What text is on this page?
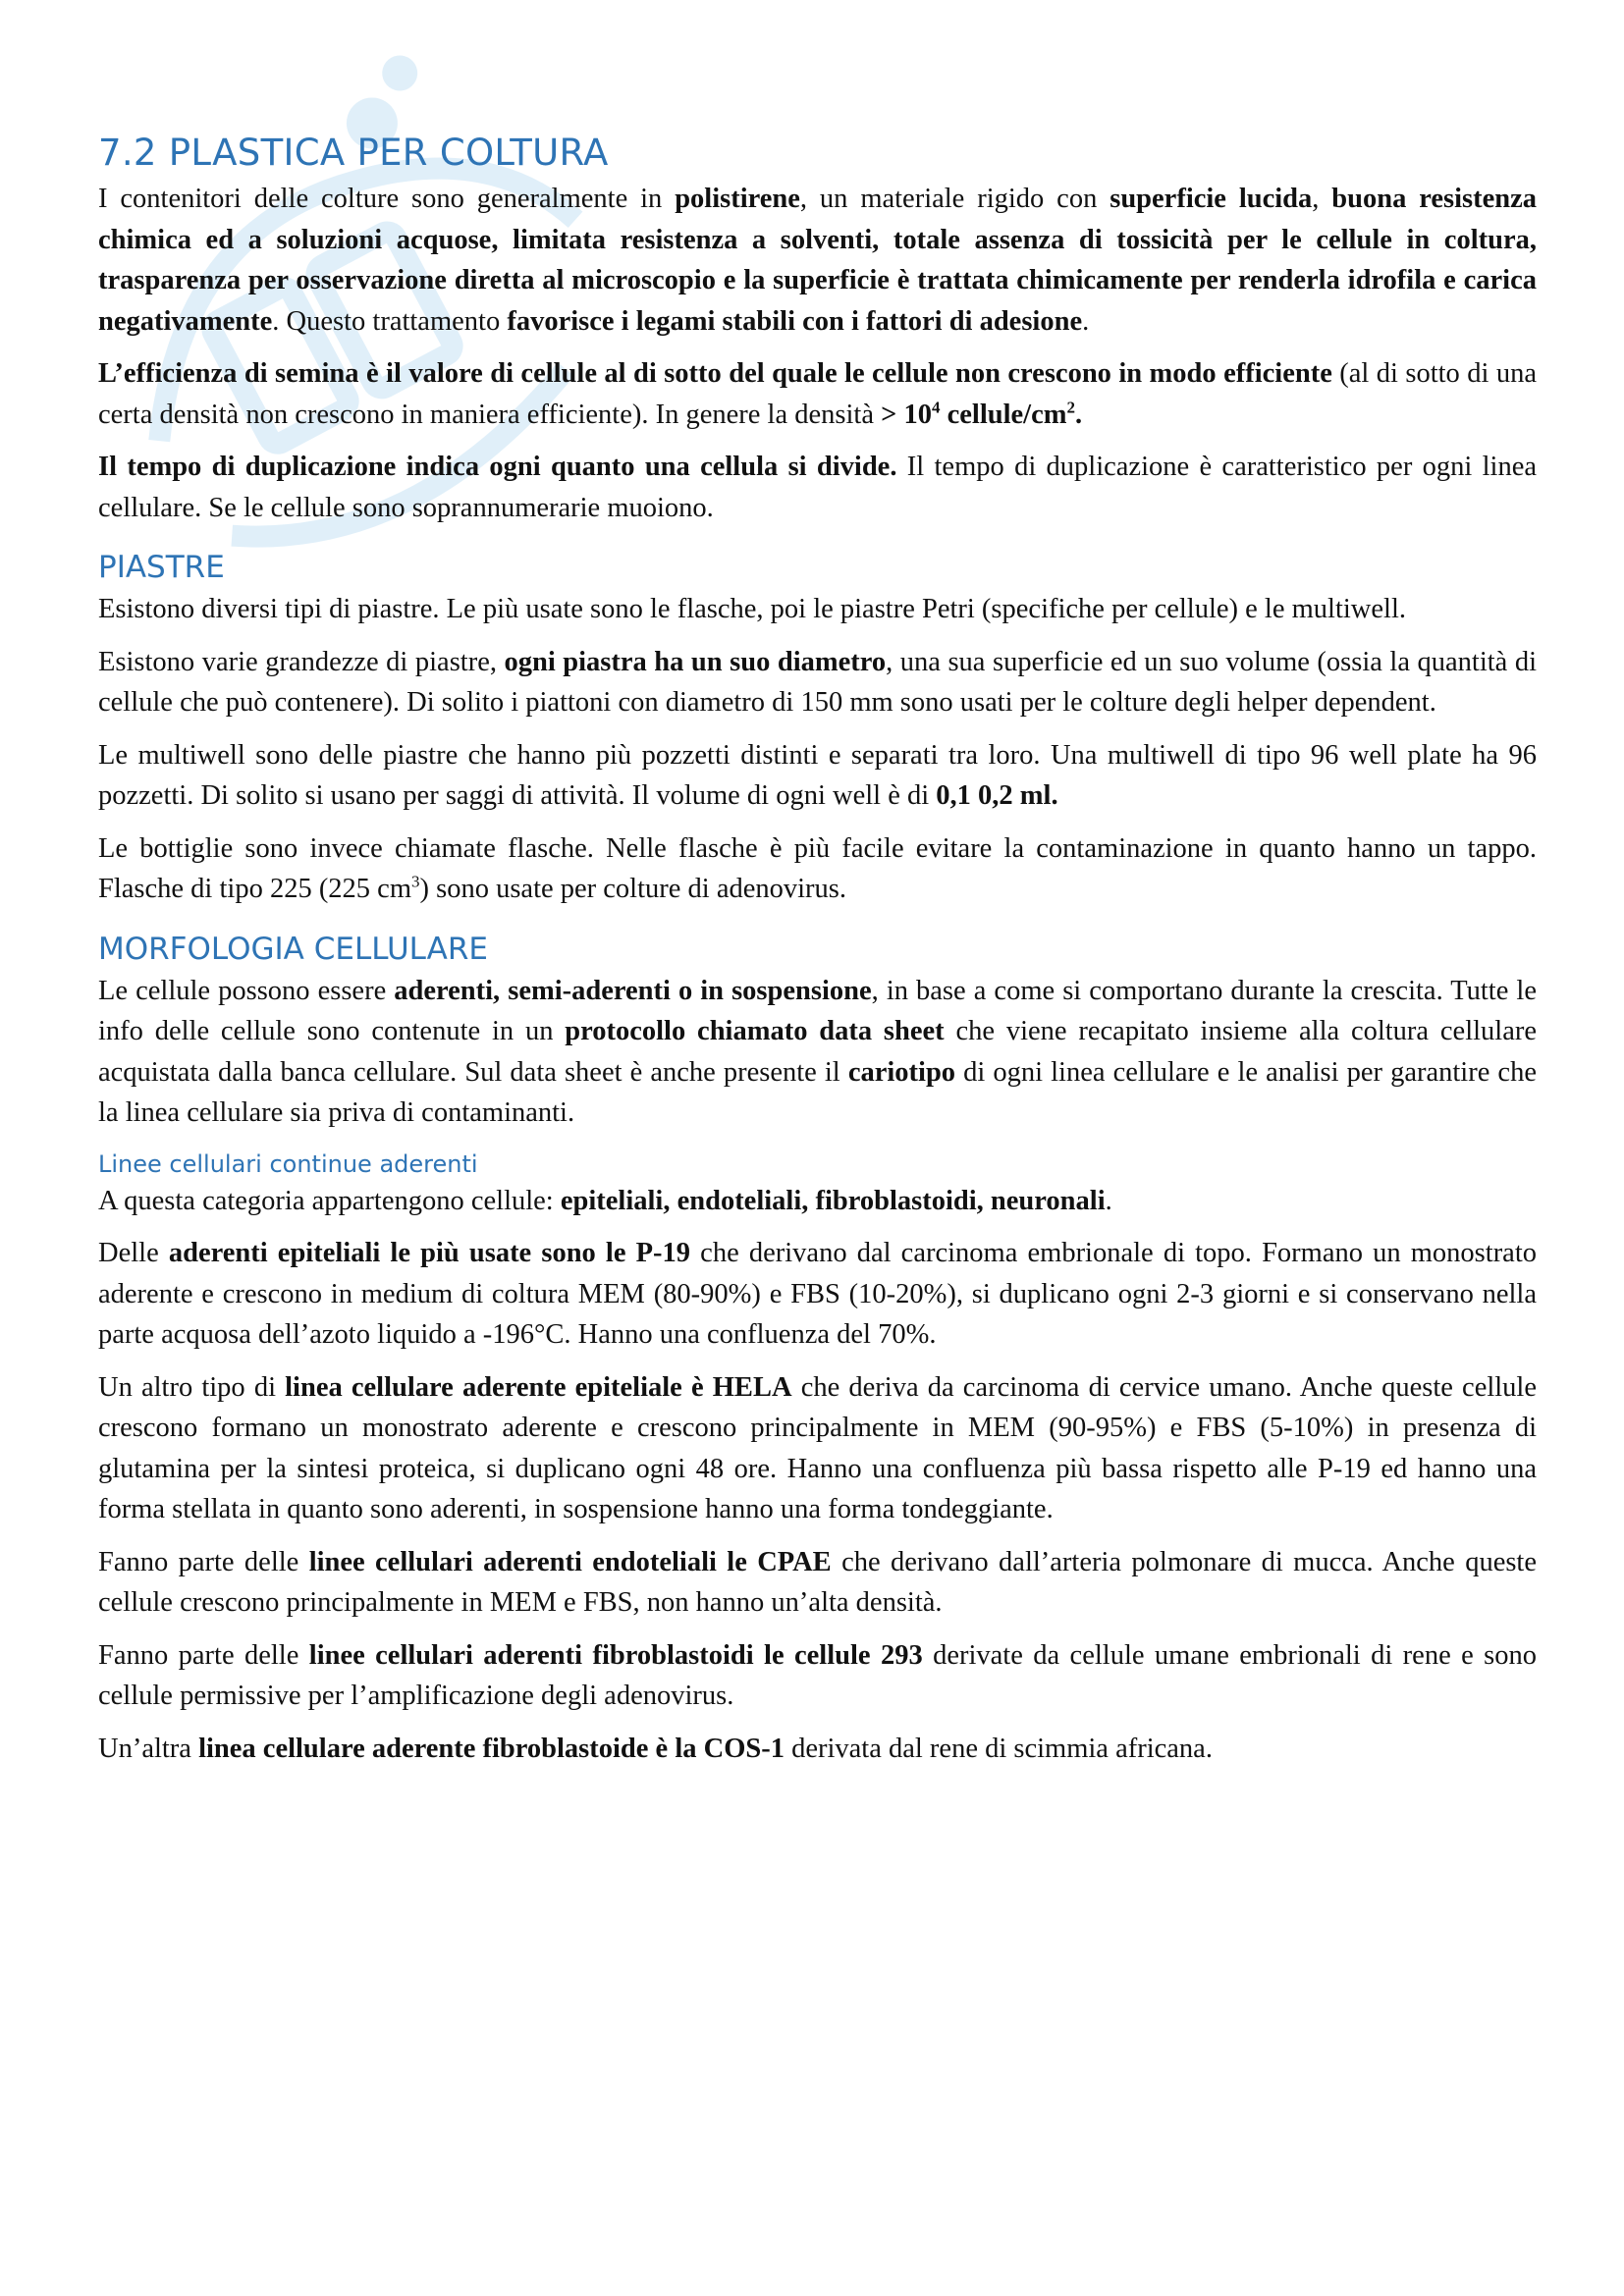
7.2 PLASTICA PER COLTURA

I contenitori delle colture sono generalmente in polistirene, un materiale rigido con superficie lucida, buona resistenza chimica ed a soluzioni acquose, limitata resistenza a solventi, totale assenza di tossicità per le cellule in coltura, trasparenza per osservazione diretta al microscopio e la superficie è trattata chimicamente per renderla idrofila e carica negativamente. Questo trattamento favorisce i legami stabili con i fattori di adesione.

L’efficienza di semina è il valore di cellule al di sotto del quale le cellule non crescono in modo efficiente (al di sotto di una certa densità non crescono in maniera efficiente). In genere la densità > $10^4$ cellule/$cm^2$.

Il tempo di duplicazione indica ogni quanto una cellula si divide. Il tempo di duplicazione è caratteristico per ogni linea cellulare. Se le cellule sono soprannumerarie muoiono.

PIASTRE

Esistono diversi tipi di piastre. Le più usate sono le flasche, poi le piastre Petri (specifiche per cellule) e le multiwell.

Esistono varie grandezze di piastre, ogni piastra ha un suo diametro, una sua superficie ed un suo volume (ossia la quantità di cellule che può contenere). Di solito i piattoni con diametro di 150 mm sono usati per le colture degli helper dependent.

Le multiwell sono delle piastre che hanno più pozzetti distinti e separati tra loro. Una multiwell di tipo 96 well plate ha 96 pozzetti. Di solito si usano per saggi di attività. Il volume di ogni well è di 0,1 0,2 ml.

Le bottiglie sono invece chiamate flasche. Nelle flasche è più facile evitare la contaminazione in quanto hanno un tappo. Flasche di tipo 225 (225 $cm^3$) sono usate per colture di adenovirus.

MORFOLOGIA CELLULARE

Le cellule possono essere aderenti, semi-aderenti o in sospensione, in base a come si comportano durante la crescita. Tutte le info delle cellule sono contenute in un protocollo chiamato data sheet che viene recapitato insieme alla coltura cellulare acquistata dalla banca cellulare. Sul data sheet è anche presente il cariotipo di ogni linea cellulare e le analisi per garantire che la linea cellulare sia priva di contaminanti.

Linee cellulari continue aderenti

A questa categoria appartengono cellule: epiteliali, endoteliali, fibroblastoidi, neuronali.

Delle aderenti epiteliali le più usate sono le P-19 che derivano dal carcinoma embrionale di topo. Formano un monostrato aderente e crescono in medium di coltura MEM (80-90%) e FBS (10-20%), si duplicano ogni 2-3 giorni e si conservano nella parte acquosa dell’azoto liquido a -196°C. Hanno una confluenza del 70%.

Un altro tipo di linea cellulare aderente epiteliale è HELA che deriva da carcinoma di cervice umano. Anche queste cellule crescono formano un monostrato aderente e crescono principalmente in MEM (90-95%) e FBS (5-10%) in presenza di glutamina per la sintesi proteica, si duplicano ogni 48 ore. Hanno una confluenza più bassa rispetto alle P-19 ed hanno una forma stellata in quanto sono aderenti, in sospensione hanno una forma tondeggiante.

Fanno parte delle linee cellulari aderenti endoteliali le CPAE che derivano dall’arteria polmonare di mucca. Anche queste cellule crescono principalmente in MEM e FBS, non hanno un’alta densità.

Fanno parte delle linee cellulari aderenti fibroblastoidi le cellule 293 derivate da cellule umane embrionali di rene e sono cellule permissive per l’amplificazione degli adenovirus.

Un’altra linea cellulare aderente fibroblastoide è la COS-1 derivata dal rene di scimmia africana.
